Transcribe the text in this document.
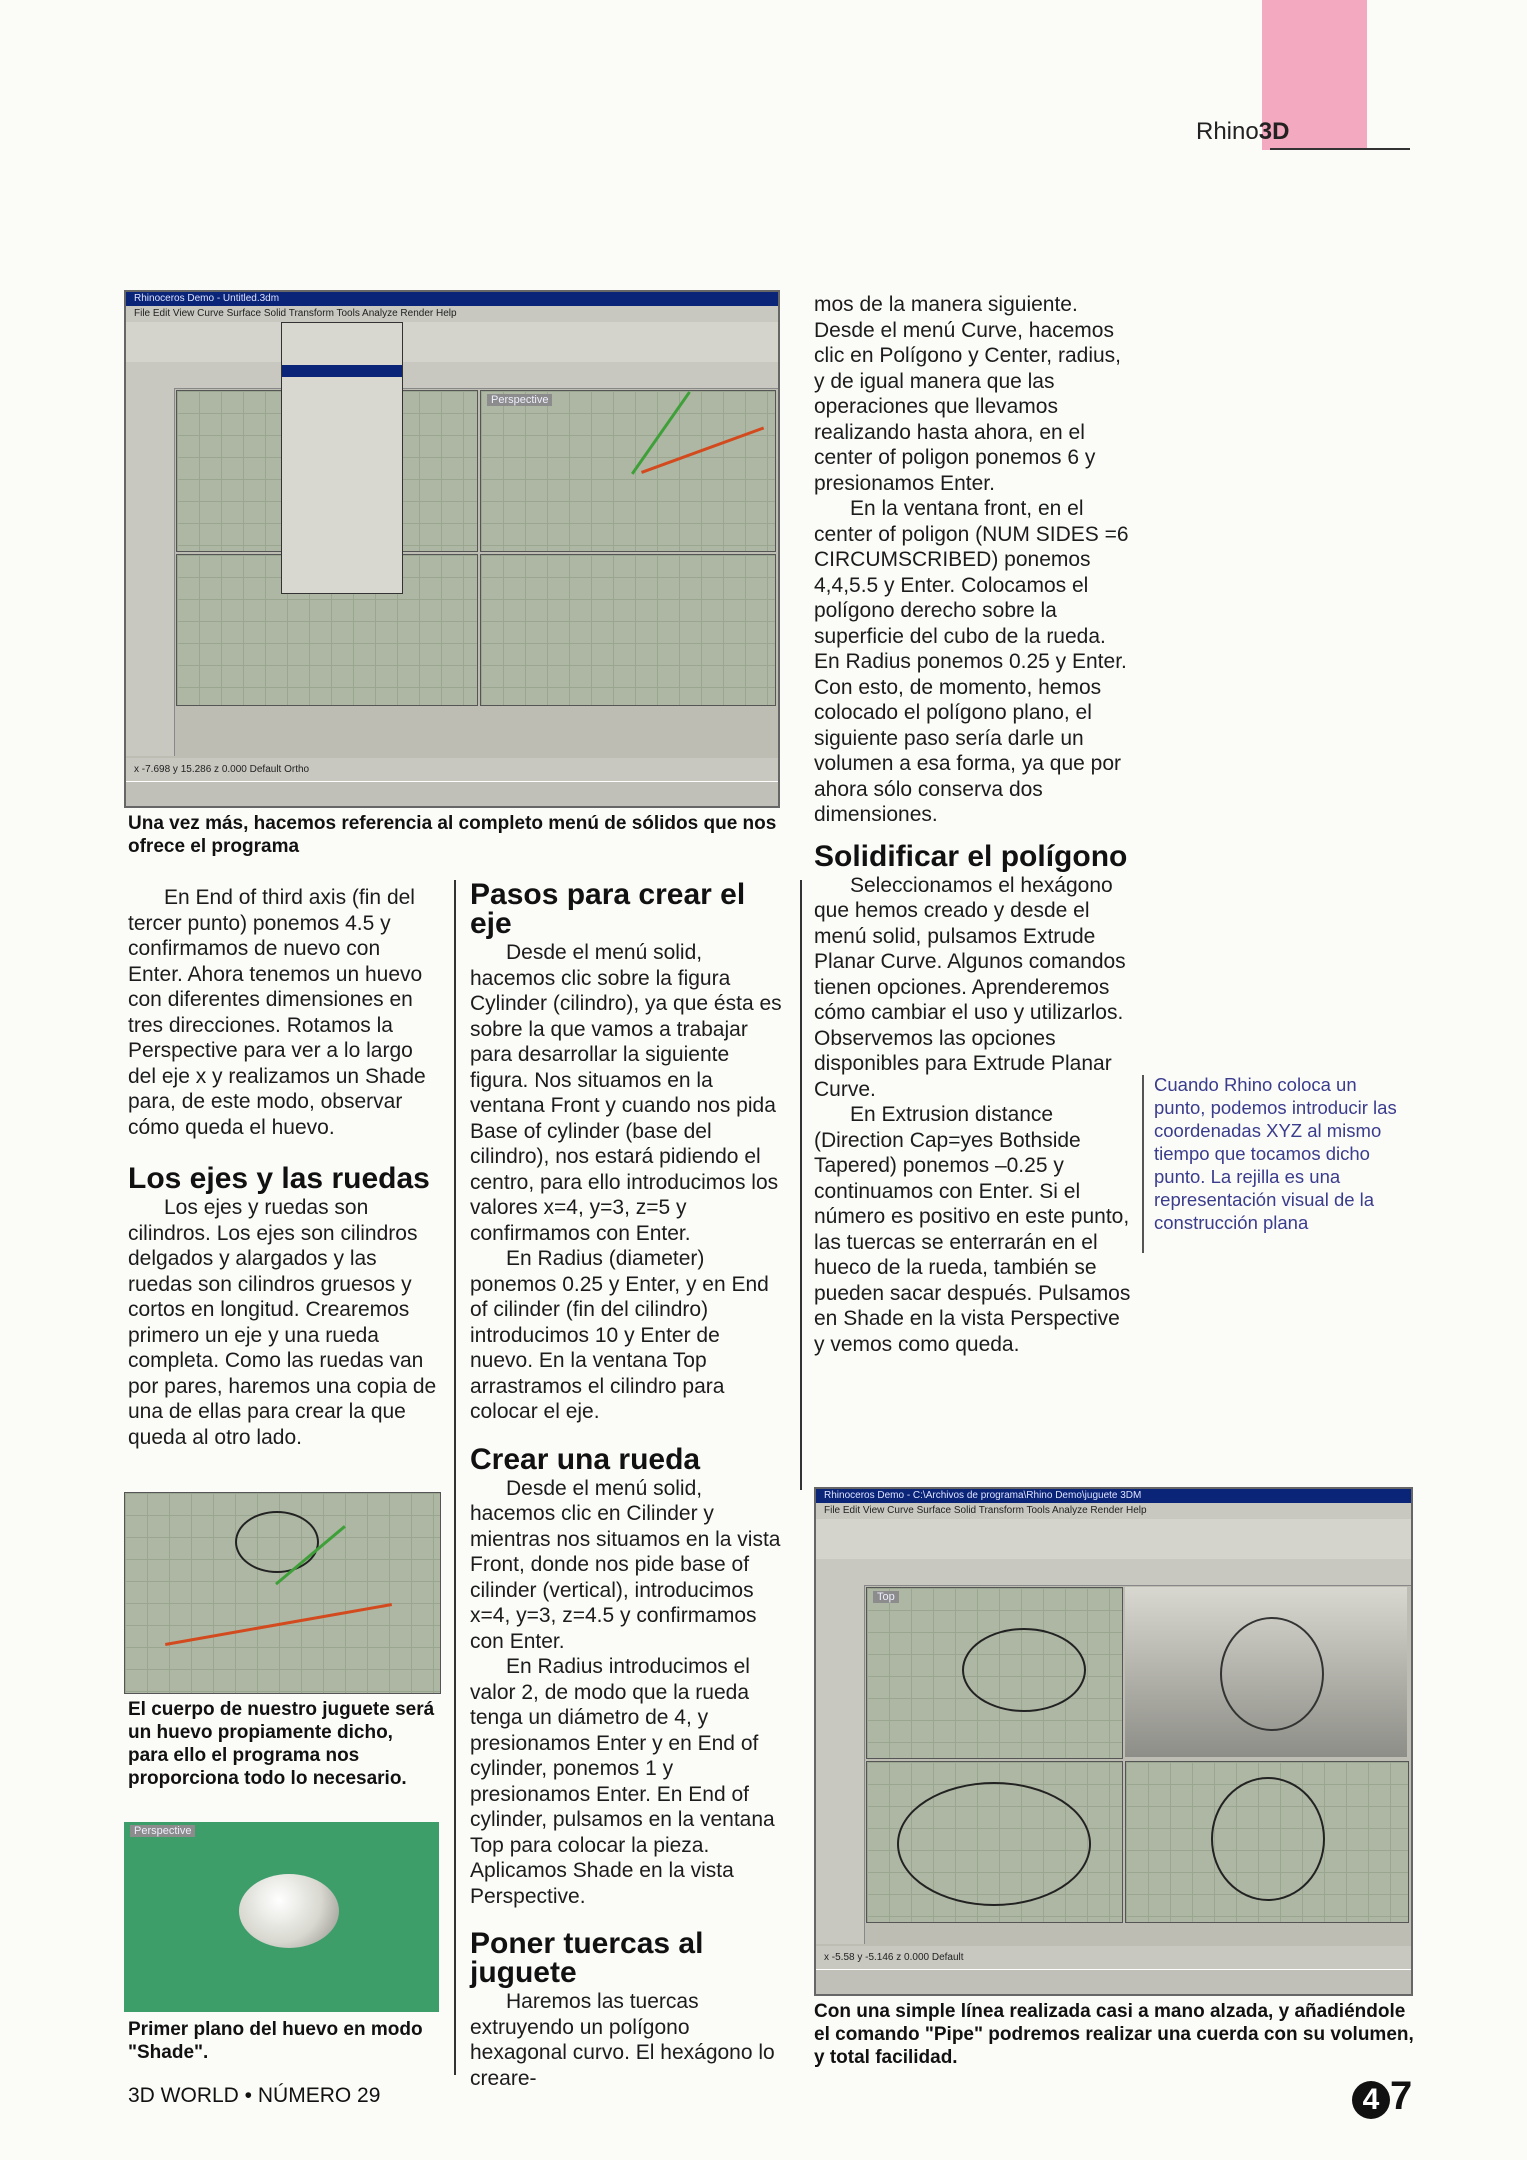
Rhino3D
Rhinoceros Demo - Untitled.3dm
File Edit View Curve Surface Solid Transform Tools Analyze Render Help
Perspective
x -7.698 y 15.286 z 0.000 Default Ortho
Una vez más, hacemos referencia al completo menú de sólidos que nos ofrece el programa

En End of third axis (fin del tercer punto) ponemos 4.5 y confirmamos de nuevo con Enter. Ahora tenemos un huevo con diferentes dimensiones en tres direcciones. Rotamos la Perspective para ver a lo largo del eje x y realizamos un Shade para, de este modo, observar cómo queda el huevo.

Los ejes y las ruedas

Los ejes y ruedas son cilindros. Los ejes son cilindros delgados y alargados y las ruedas son cilindros gruesos y cortos en longitud. Crearemos primero un eje y una rueda completa. Como las ruedas van por pares, haremos una copia de una de ellas para crear la que queda al otro lado.

El cuerpo de nuestro juguete será un huevo propiamente dicho, para ello el programa nos proporciona todo lo necesario.
Perspective
Primer plano del huevo en modo "Shade".
Pasos para crear el eje

Desde el menú solid, hacemos clic sobre la figura Cylinder (cilindro), ya que ésta es sobre la que vamos a trabajar para desarrollar la siguiente figura. Nos situamos en la ventana Front y cuando nos pida Base of cylinder (base del cilindro), nos estará pidiendo el centro, para ello introducimos los valores x=4, y=3, z=5 y confirmamos con Enter.

En Radius (diameter) ponemos 0.25 y Enter, y en End of cilinder (fin del cilindro) introducimos 10 y Enter de nuevo. En la ventana Top arrastramos el cilindro para colocar el eje.

Crear una rueda

Desde el menú solid, hacemos clic en Cilinder y mientras nos situamos en la vista Front, donde nos pide base of cilinder (vertical), introducimos x=4, y=3, z=4.5 y confirmamos con Enter.

En Radius introducimos el valor 2, de modo que la rueda tenga un diámetro de 4, y presionamos Enter y en End of cylinder, ponemos 1 y presionamos Enter. En End of cylinder, pulsamos en la ventana Top para colocar la pieza. Aplicamos Shade en la vista Perspective.

Poner tuercas al juguete

Haremos las tuercas extruyendo un polígono hexagonal curvo. El hexágono lo creare-

mos de la manera siguiente. Desde el menú Curve, hacemos clic en Polígono y Center, radius, y de igual manera que las operaciones que llevamos realizando hasta ahora, en el center of poligon ponemos 6 y presionamos Enter.

En la ventana front, en el center of poligon (NUM SIDES =6 CIRCUMSCRIBED) ponemos 4,4,5.5 y Enter. Colocamos el polígono derecho sobre la superficie del cubo de la rueda. En Radius ponemos 0.25 y Enter. Con esto, de momento, hemos colocado el polígono plano, el siguiente paso sería darle un volumen a esa forma, ya que por ahora sólo conserva dos dimensiones.

Solidificar el polígono

Seleccionamos el hexágono que hemos creado y desde el menú solid, pulsamos Extrude Planar Curve. Algunos comandos tienen opciones. Aprenderemos cómo cambiar el uso y utilizarlos.

Observemos las opciones disponibles para Extrude Planar Curve.

En Extrusion distance (Direction Cap=yes Bothside Tapered) ponemos –0.25 y continuamos con Enter. Si el número es positivo en este punto, las tuercas se enterrarán en el hueco de la rueda, también se pueden sacar después. Pulsamos en Shade en la vista Perspective y vemos como queda.

Cuando Rhino coloca un punto, podemos introducir las coordenadas XYZ al mismo tiempo que tocamos dicho punto. La rejilla es una representación visual de la construcción plana
Rhinoceros Demo - C:\Archivos de programa\Rhino Demo\juguete 3DM
File Edit View Curve Surface Solid Transform Tools Analyze Render Help
Top
x -5.58 y -5.146 z 0.000 Default
Con una simple línea realizada casi a mano alzada, y añadiéndole el comando "Pipe" podremos realizar una cuerda con su volumen, y total facilidad.
3D WORLD • NÚMERO 29	4 7
